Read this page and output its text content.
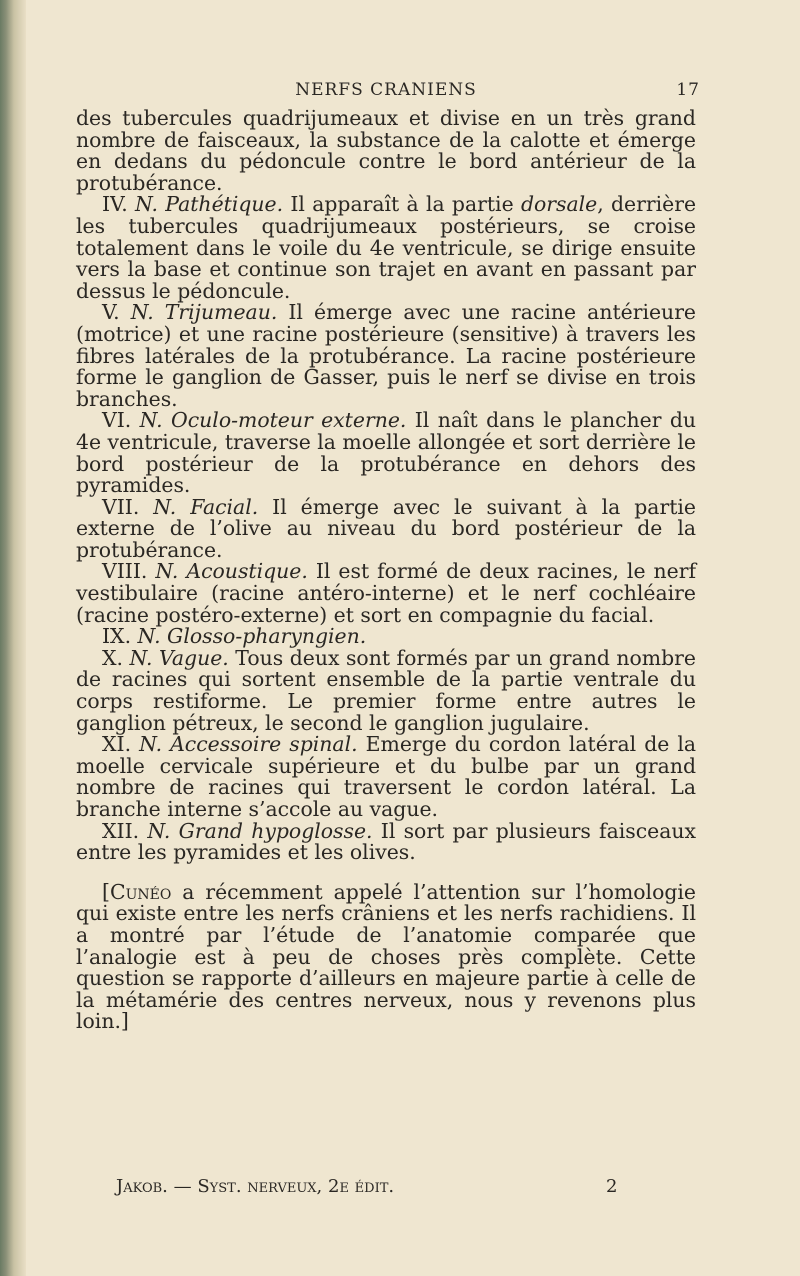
NERFS CRANIENS	17

des tubercules quadrijumeaux et divise en un très grand nombre de faisceaux, la substance de la calotte et émerge en dedans du pédoncule contre le bord antérieur de la protubérance.

IV. N. Pathétique. Il apparaît à la partie dorsale, derrière les tubercules quadrijumeaux postérieurs, se croise totalement dans le voile du 4e ventricule, se dirige ensuite vers la base et continue son trajet en avant en passant par dessus le pédoncule.

V. N. Trijumeau. Il émerge avec une racine antérieure (motrice) et une racine postérieure (sensitive) à travers les fibres latérales de la protubérance. La racine postérieure forme le ganglion de Gasser, puis le nerf se divise en trois branches.

VI. N. Oculo-moteur externe. Il naît dans le plancher du 4e ventricule, traverse la moelle allongée et sort derrière le bord postérieur de la protubérance en dehors des pyramides.

VII. N. Facial. Il émerge avec le suivant à la partie externe de l’olive au niveau du bord postérieur de la protubérance.

VIII. N. Acoustique. Il est formé de deux racines, le nerf vestibulaire (racine antéro-interne) et le nerf cochléaire (racine postéro-externe) et sort en compagnie du facial.

IX. N. Glosso-pharyngien.

X. N. Vague. Tous deux sont formés par un grand nombre de racines qui sortent ensemble de la partie ventrale du corps restiforme. Le premier forme entre autres le ganglion pétreux, le second le ganglion jugulaire.

XI. N. Accessoire spinal. Emerge du cordon latéral de la moelle cervicale supérieure et du bulbe par un grand nombre de racines qui traversent le cordon latéral. La branche interne s’accole au vague.

XII. N. Grand hypoglosse. Il sort par plusieurs faisceaux entre les pyramides et les olives.

[Cunéo a récemment appelé l’attention sur l’homologie qui existe entre les nerfs crâniens et les nerfs rachidiens. Il a montré par l’étude de l’anatomie comparée que l’analogie est à peu de choses près complète. Cette question se rapporte d’ailleurs en majeure partie à celle de la métamérie des centres nerveux, nous y revenons plus loin.]

Jakob. — Syst. nerveux, 2e édit.	2
